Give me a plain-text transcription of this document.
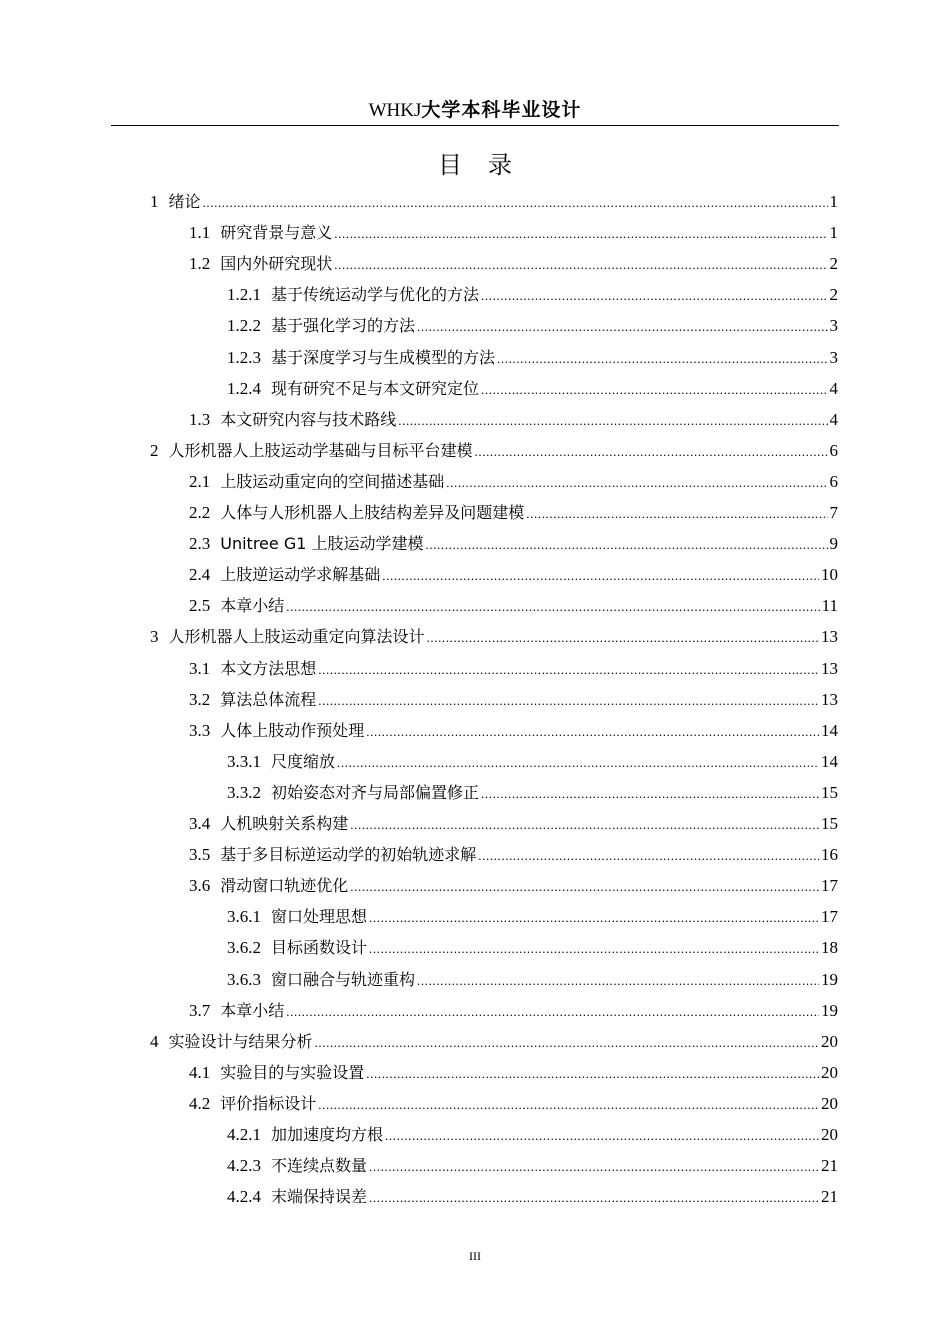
WHKJ大学本科毕业设计
目录
1 绪论 .....	1
1.1 研究背景与意义 .....	1
1.2 国内外研究现状 .....	2
1.2.1 基于传统运动学与优化的方法 .....	2
1.2.2 基于强化学习的方法 .....	3
1.2.3 基于深度学习与生成模型的方法 .....	3
1.2.4 现有研究不足与本文研究定位 .....	4
1.3 本文研究内容与技术路线 .....	4
2 人形机器人上肢运动学基础与目标平台建模 .....	6
2.1 上肢运动重定向的空间描述基础 .....	6
2.2 人体与人形机器人上肢结构差异及问题建模 .....	7
2.3 Unitree G1 上肢运动学建模 .....	9
2.4 上肢逆运动学求解基础 .....	10
2.5 本章小结 .....	11
3 人形机器人上肢运动重定向算法设计 .....	13
3.1 本文方法思想 .....	13
3.2 算法总体流程 .....	13
3.3 人体上肢动作预处理 .....	14
3.3.1 尺度缩放 .....	14
3.3.2 初始姿态对齐与局部偏置修正 .....	15
3.4 人机映射关系构建 .....	15
3.5 基于多目标逆运动学的初始轨迹求解 .....	16
3.6 滑动窗口轨迹优化 .....	17
3.6.1 窗口处理思想 .....	17
3.6.2 目标函数设计 .....	18
3.6.3 窗口融合与轨迹重构 .....	19
3.7 本章小结 .....	19
4 实验设计与结果分析 .....	20
4.1 实验目的与实验设置 .....	20
4.2 评价指标设计 .....	20
4.2.1 加加速度均方根 .....	20
4.2.3 不连续点数量 .....	21
4.2.4 末端保持误差 .....	21
III
